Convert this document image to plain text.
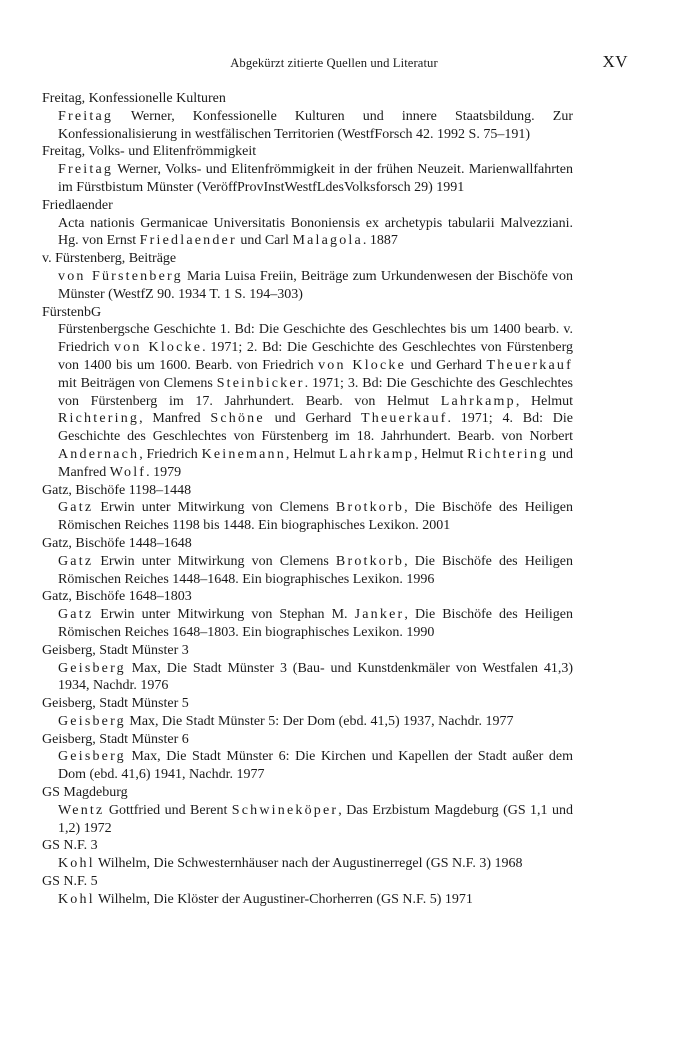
Abgekürzt zitierte Quellen und Literatur	XV

Freitag, Konfessionelle Kulturen

Freitag Werner, Konfessionelle Kulturen und innere Staatsbildung. Zur Konfessionalisierung in westfälischen Territorien (WestfForsch 42. 1992 S. 75–191)

Freitag, Volks- und Elitenfrömmigkeit

Freitag Werner, Volks- und Elitenfrömmigkeit in der frühen Neuzeit. Marienwallfahrten im Fürstbistum Münster (VeröffProvInstWestfLdesVolksforsch 29) 1991

Friedlaender

Acta nationis Germanicae Universitatis Bononiensis ex archetypis tabularii Malvezziani. Hg. von Ernst Friedlaender und Carl Malagola. 1887

v. Fürstenberg, Beiträge

von Fürstenberg Maria Luisa Freiin, Beiträge zum Urkundenwesen der Bischöfe von Münster (WestfZ 90. 1934 T. 1 S. 194–303)

FürstenbG

Fürstenbergsche Geschichte 1. Bd: Die Geschichte des Geschlechtes bis um 1400 bearb. v. Friedrich von Klocke. 1971; 2. Bd: Die Geschichte des Geschlechtes von Fürstenberg von 1400 bis um 1600. Bearb. von Friedrich von Klocke und Gerhard Theuerkauf mit Beiträgen von Clemens Steinbicker. 1971; 3. Bd: Die Geschichte des Geschlechtes von Fürstenberg im 17. Jahrhundert. Bearb. von Helmut Lahrkamp, Helmut Richtering, Manfred Schöne und Gerhard Theuerkauf. 1971; 4. Bd: Die Geschichte des Geschlechtes von Fürstenberg im 18. Jahrhundert. Bearb. von Norbert Andernach, Friedrich Keinemann, Helmut Lahrkamp, Helmut Richtering und Manfred Wolf. 1979

Gatz, Bischöfe 1198–1448

Gatz Erwin unter Mitwirkung von Clemens Brotkorb, Die Bischöfe des Heiligen Römischen Reiches 1198 bis 1448. Ein biographisches Lexikon. 2001

Gatz, Bischöfe 1448–1648

Gatz Erwin unter Mitwirkung von Clemens Brotkorb, Die Bischöfe des Heiligen Römischen Reiches 1448–1648. Ein biographisches Lexikon. 1996

Gatz, Bischöfe 1648–1803

Gatz Erwin unter Mitwirkung von Stephan M. Janker, Die Bischöfe des Heiligen Römischen Reiches 1648–1803. Ein biographisches Lexikon. 1990

Geisberg, Stadt Münster 3

Geisberg Max, Die Stadt Münster 3 (Bau- und Kunstdenkmäler von Westfalen 41,3) 1934, Nachdr. 1976

Geisberg, Stadt Münster 5

Geisberg Max, Die Stadt Münster 5: Der Dom (ebd. 41,5) 1937, Nachdr. 1977

Geisberg, Stadt Münster 6

Geisberg Max, Die Stadt Münster 6: Die Kirchen und Kapellen der Stadt außer dem Dom (ebd. 41,6) 1941, Nachdr. 1977

GS Magdeburg

Wentz Gottfried und Berent Schwineköper, Das Erzbistum Magdeburg (GS 1,1 und 1,2) 1972

GS N.F. 3

Kohl Wilhelm, Die Schwesternhäuser nach der Augustinerregel (GS N.F. 3) 1968

GS N.F. 5

Kohl Wilhelm, Die Klöster der Augustiner-Chorherren (GS N.F. 5) 1971
